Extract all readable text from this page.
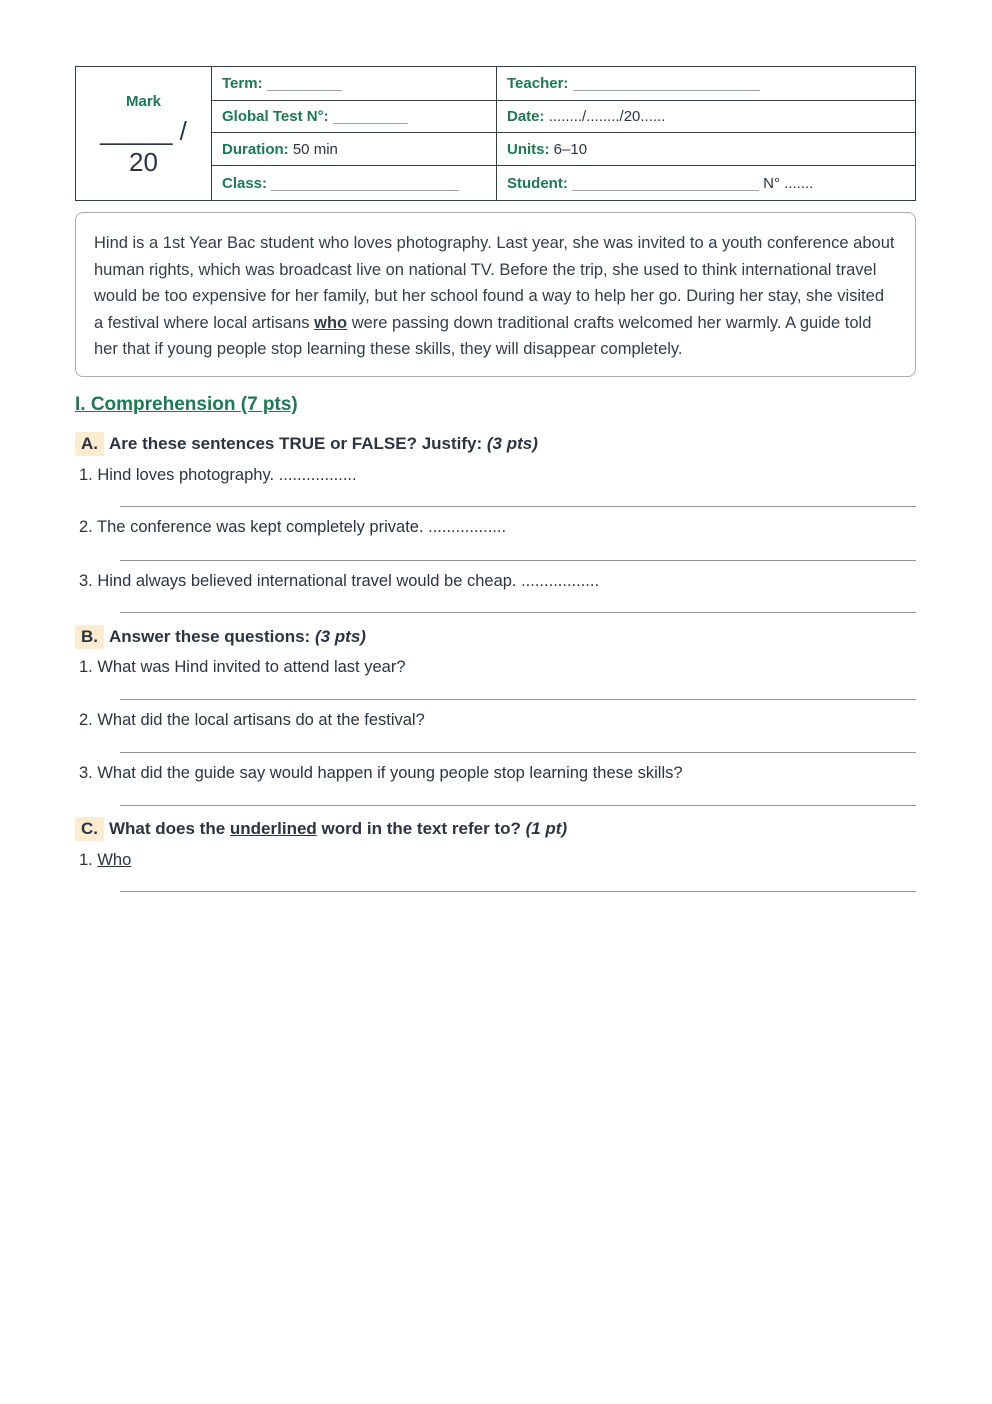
Mark
_____ / 20	Term:	Teacher:
	Global Test N°:	Date: ......../......../20......
	Duration: 50 min	Units: 6–10
	Class:	Student: N° .......
Hind is a 1st Year Bac student who loves photography. Last year, she was invited to a youth conference about human rights, which was broadcast live on national TV. Before the trip, she used to think international travel would be too expensive for her family, but her school found a way to help her go. During her stay, she visited a festival where local artisans who were passing down traditional crafts welcomed her warmly. A guide told her that if young people stop learning these skills, they will disappear completely.
I. Comprehension (7 pts)
A. Are these sentences TRUE or FALSE? Justify: (3 pts)
1. Hind loves photography. .................
2. The conference was kept completely private. .................
3. Hind always believed international travel would be cheap. .................
B. Answer these questions: (3 pts)
1. What was Hind invited to attend last year?
2. What did the local artisans do at the festival?
3. What did the guide say would happen if young people stop learning these skills?
C. What does the underlined word in the text refer to? (1 pt)
1. Who
